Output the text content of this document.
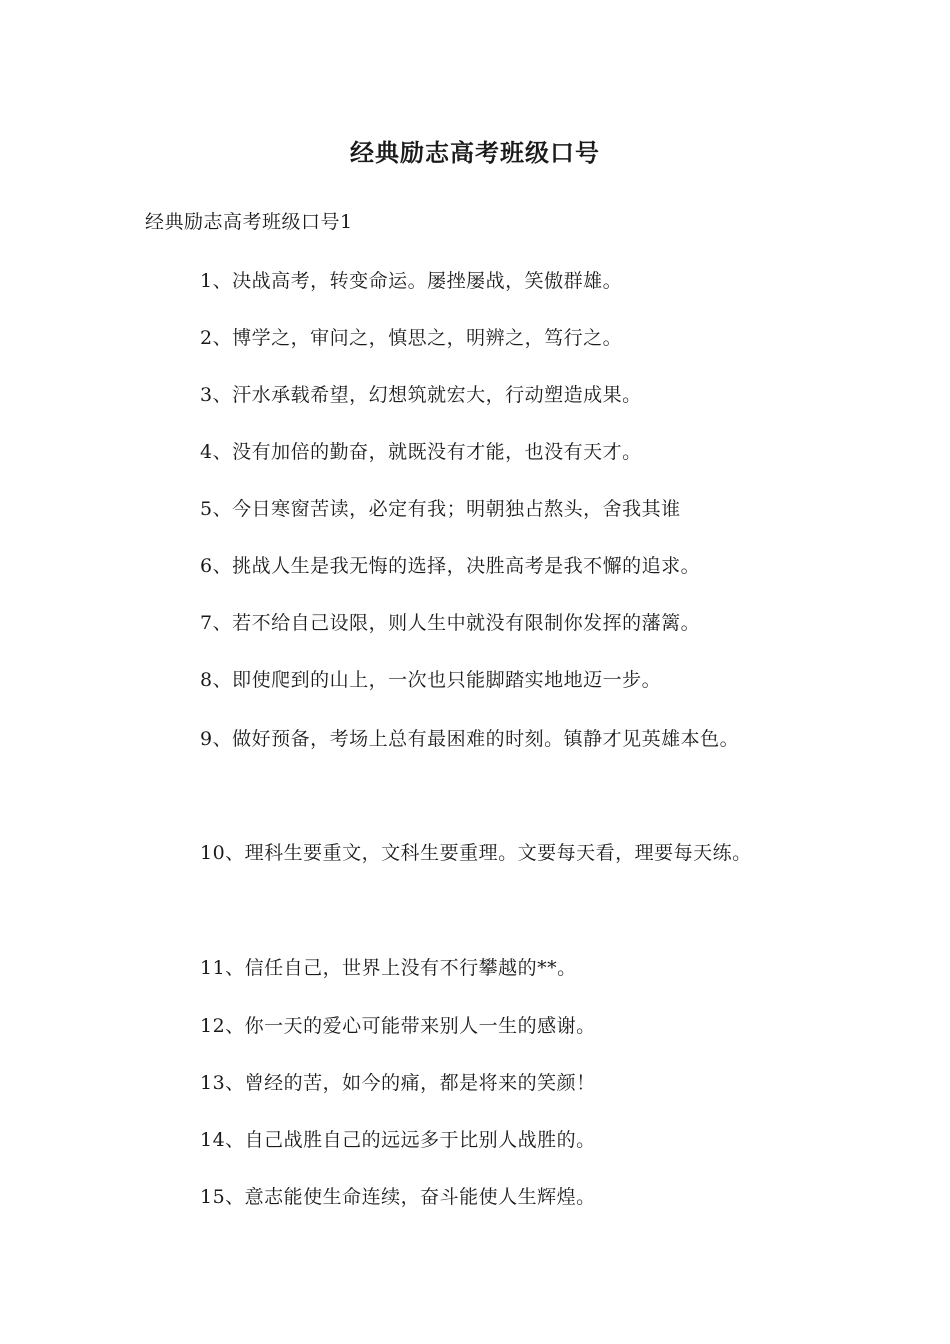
经典励志高考班级口号
经典励志高考班级口号1
1、决战高考，转变命运。屡挫屡战，笑傲群雄。
2、博学之，审问之，慎思之，明辨之，笃行之。
3、汗水承载希望，幻想筑就宏大，行动塑造成果。
4、没有加倍的勤奋，就既没有才能，也没有天才。
5、今日寒窗苦读，必定有我；明朝独占熬头，舍我其谁
6、挑战人生是我无悔的选择，决胜高考是我不懈的追求。
7、若不给自己设限，则人生中就没有限制你发挥的藩篱。
8、即使爬到的山上，一次也只能脚踏实地地迈一步。
9、做好预备，考场上总有最困难的时刻。镇静才见英雄本色。
10、理科生要重文，文科生要重理。文要每天看，理要每天练。
11、信任自己，世界上没有不行攀越的**。
12、你一天的爱心可能带来别人一生的感谢。
13、曾经的苦，如今的痛，都是将来的笑颜！
14、自己战胜自己的远远多于比别人战胜的。
15、意志能使生命连续，奋斗能使人生辉煌。
